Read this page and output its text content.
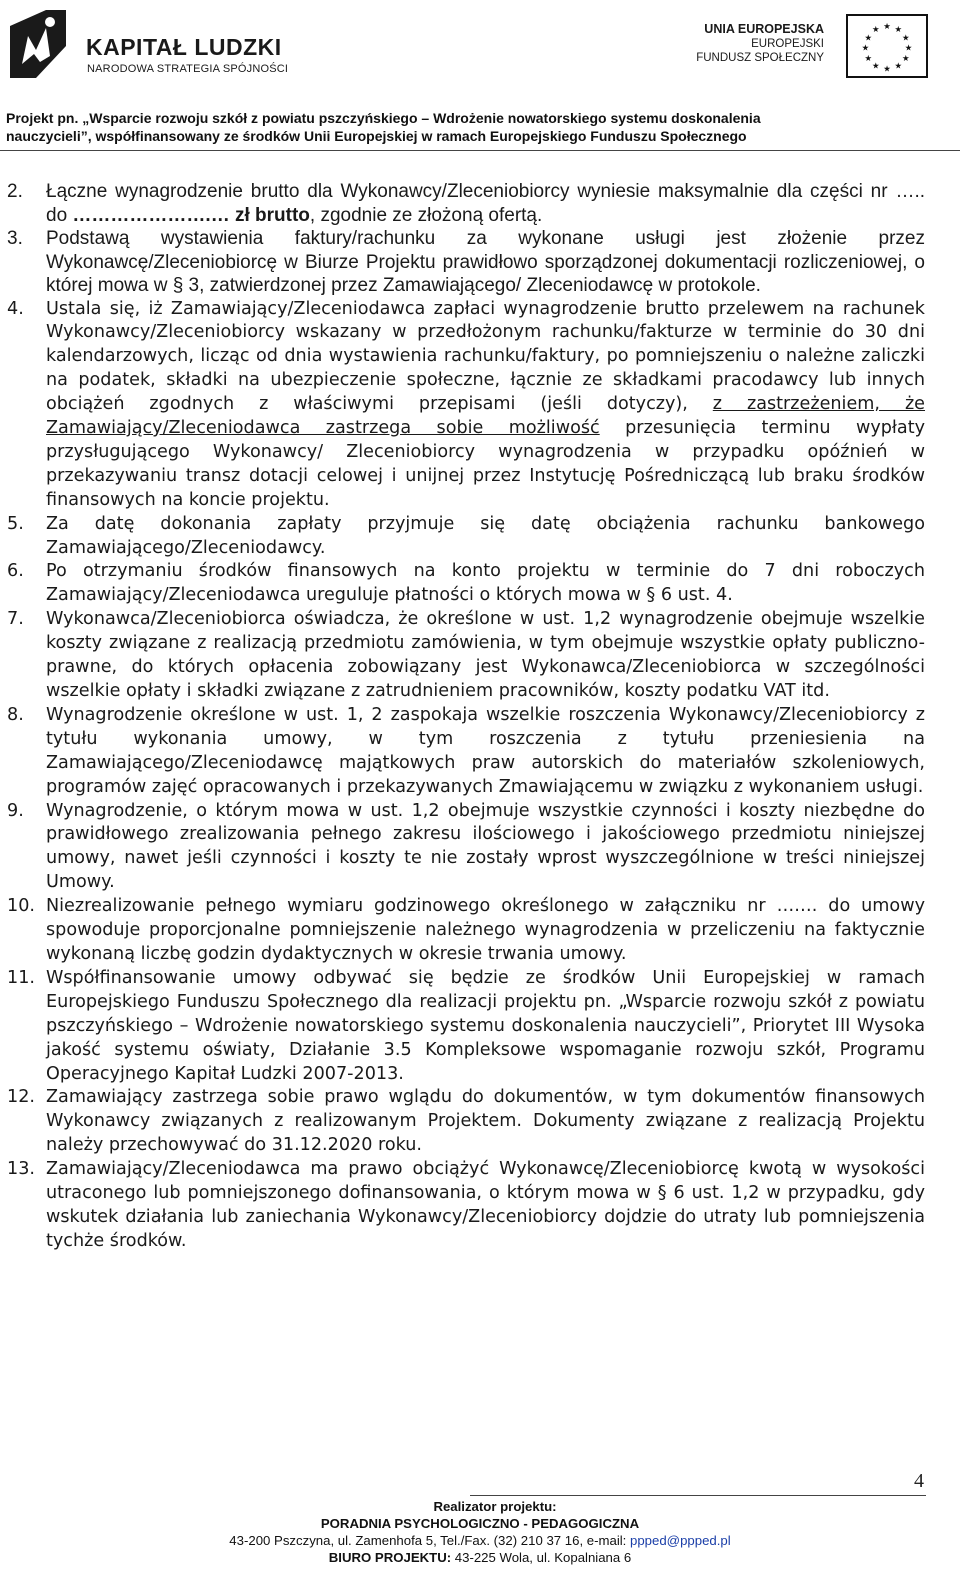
KAPITAŁ LUDZKI
NARODOWA STRATEGIA SPÓJNOŚCI
UNIA EUROPEJSKA
EUROPEJSKI
FUNDUSZ SPOŁECZNY
★ ★
★
★
★
★
★
★
★
★
★
★
Projekt pn. „Wsparcie rozwoju szkół z powiatu pszczyńskiego – Wdrożenie nowatorskiego systemu doskonalenia
nauczycieli”, współfinansowany ze środków Unii Europejskiej w ramach Europejskiego Funduszu Społecznego

2. Łączne wynagrodzenie brutto dla Wykonawcy/Zleceniobiorcy wyniesie maksymalnie dla części nr ….. do ………………….… zł brutto, zgodnie ze złożoną ofertą.

3. Podstawą wystawienia faktury/rachunku za wykonane usługi jest złożenie przez Wykonawcę/Zleceniobiorcę w Biurze Projektu prawidłowo sporządzonej dokumentacji rozliczeniowej, o której mowa w § 3, zatwierdzonej przez Zamawiającego/ Zleceniodawcę w protokole.

4. Ustala się, iż Zamawiający/Zleceniodawca zapłaci wynagrodzenie brutto przelewem na rachunek Wykonawcy/Zleceniobiorcy wskazany w przedłożonym rachunku/fakturze w terminie do 30 dni kalendarzowych, licząc od dnia wystawienia rachunku/faktury, po pomniejszeniu o należne zaliczki na podatek, składki na ubezpieczenie społeczne, łącznie ze składkami pracodawcy lub innych obciążeń zgodnych z właściwymi przepisami (jeśli dotyczy), z zastrzeżeniem, że Zamawiający/Zleceniodawca zastrzega sobie możliwość przesunięcia terminu wypłaty przysługującego Wykonawcy/ Zleceniobiorcy wynagrodzenia w przypadku opóźnień w przekazywaniu transz dotacji celowej i unijnej przez Instytucję Pośredniczącą lub braku środków finansowych na koncie projektu.

5. Za datę dokonania zapłaty przyjmuje się datę obciążenia rachunku bankowego Zamawiającego/Zleceniodawcy.

6. Po otrzymaniu środków finansowych na konto projektu w terminie do 7 dni roboczych Zamawiający/Zleceniodawca ureguluje płatności o których mowa w § 6 ust. 4.

7. Wykonawca/Zleceniobiorca oświadcza, że określone w ust. 1,2 wynagrodzenie obejmuje wszelkie koszty związane z realizacją przedmiotu zamówienia, w tym obejmuje wszystkie opłaty publiczno-prawne, do których opłacenia zobowiązany jest Wykonawca/Zleceniobiorca w szczególności wszelkie opłaty i składki związane z zatrudnieniem pracowników, koszty podatku VAT itd.

8. Wynagrodzenie określone w ust. 1, 2 zaspokaja wszelkie roszczenia Wykonawcy/Zleceniobiorcy z tytułu wykonania umowy, w tym roszczenia z tytułu przeniesienia na Zamawiającego/Zleceniodawcę majątkowych praw autorskich do materiałów szkoleniowych, programów zajęć opracowanych i przekazywanych Zmawiającemu w związku z wykonaniem usługi.

9. Wynagrodzenie, o którym mowa w ust. 1,2 obejmuje wszystkie czynności i koszty niezbędne do prawidłowego zrealizowania pełnego zakresu ilościowego i jakościowego przedmiotu niniejszej umowy, nawet jeśli czynności i koszty te nie zostały wprost wyszczególnione w treści niniejszej Umowy.

10. Niezrealizowanie pełnego wymiaru godzinowego określonego w załączniku nr ……. do umowy spowoduje proporcjonalne pomniejszenie należnego wynagrodzenia w przeliczeniu na faktycznie wykonaną liczbę godzin dydaktycznych w okresie trwania umowy.

11. Współfinansowanie umowy odbywać się będzie ze środków Unii Europejskiej w ramach Europejskiego Funduszu Społecznego dla realizacji projektu pn. „Wsparcie rozwoju szkół z powiatu pszczyńskiego – Wdrożenie nowatorskiego systemu doskonalenia nauczycieli”, Priorytet III Wysoka jakość systemu oświaty, Działanie 3.5 Kompleksowe wspomaganie rozwoju szkół, Programu Operacyjnego Kapitał Ludzki 2007-2013.

12. Zamawiający zastrzega sobie prawo wglądu do dokumentów, w tym dokumentów finansowych Wykonawcy związanych z realizowanym Projektem. Dokumenty związane z realizacją Projektu należy przechowywać do 31.12.2020 roku.

13. Zamawiający/Zleceniodawca ma prawo obciążyć Wykonawcę/Zleceniobiorcę kwotą w wysokości utraconego lub pomniejszonego dofinansowania, o którym mowa w § 6 ust. 1,2 w przypadku, gdy wskutek działania lub zaniechania Wykonawcy/Zleceniobiorcy dojdzie do utraty lub pomniejszenia tychże środków.

4
Realizator projektu:
PORADNIA PSYCHOLOGICZNO - PEDAGOGICZNA
43-200 Pszczyna, ul. Zamenhofa 5, Tel./Fax. (32) 210 37 16, e-mail: ppped@ppped.pl
BIURO PROJEKTU: 43-225 Wola, ul. Kopalniana 6
